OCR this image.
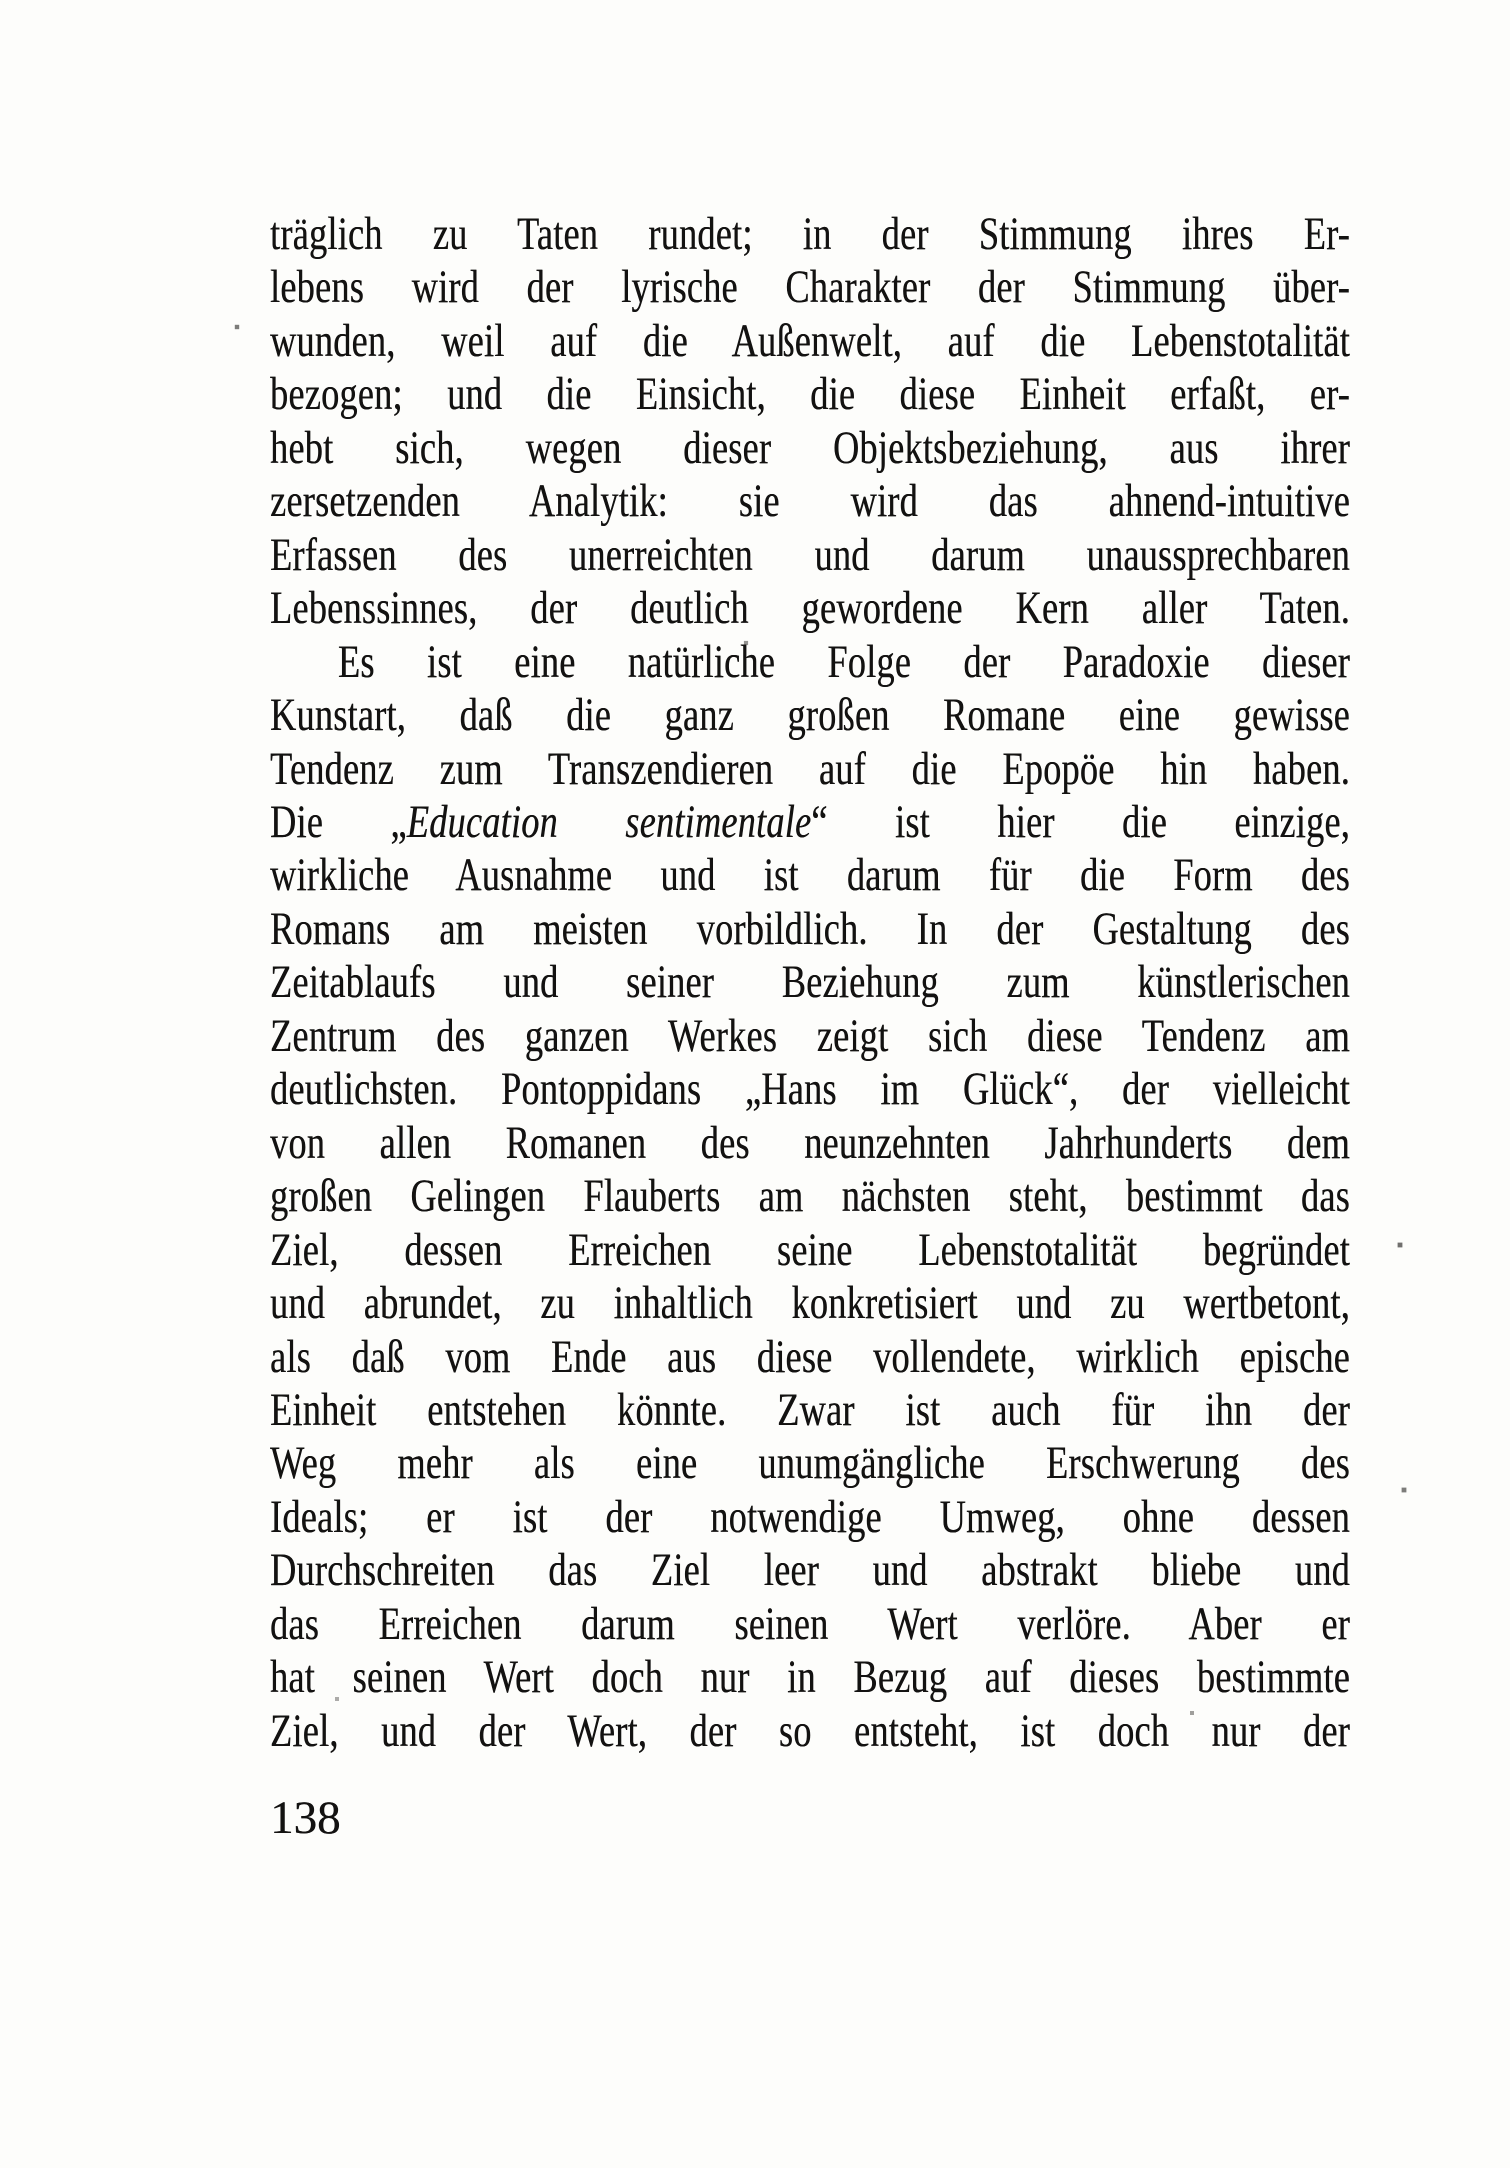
träglich zu Taten rundet; in der Stimmung ihres Er-

lebens wird der lyrische Charakter der Stimmung über-

wunden, weil auf die Außenwelt, auf die Lebenstotalität

bezogen; und die Einsicht, die diese Einheit erfaßt, er-

hebt sich, wegen dieser Objektsbeziehung, aus ihrer

zersetzenden Analytik: sie wird das ahnend-intuitive

Erfassen des unerreichten und darum unaussprechbaren

Lebenssinnes, der deutlich gewordene Kern aller Taten.

Es ist eine natürliche Folge der Paradoxie dieser

Kunstart, daß die ganz großen Romane eine gewisse

Tendenz zum Transzendieren auf die Epopöe hin haben.

Die „Education sentimentale“ ist hier die einzige,

wirkliche Ausnahme und ist darum für die Form des

Romans am meisten vorbildlich. In der Gestaltung des

Zeitablaufs und seiner Beziehung zum künstlerischen

Zentrum des ganzen Werkes zeigt sich diese Tendenz am

deutlichsten. Pontoppidans „Hans im Glück“, der vielleicht

von allen Romanen des neunzehnten Jahrhunderts dem

großen Gelingen Flauberts am nächsten steht, bestimmt das

Ziel, dessen Erreichen seine Lebenstotalität begründet

und abrundet, zu inhaltlich konkretisiert und zu wertbetont,

als daß vom Ende aus diese vollendete, wirklich epische

Einheit entstehen könnte. Zwar ist auch für ihn der

Weg mehr als eine unumgängliche Erschwerung des

Ideals; er ist der notwendige Umweg, ohne dessen

Durchschreiten das Ziel leer und abstrakt bliebe und

das Erreichen darum seinen Wert verlöre. Aber er

hat seinen Wert doch nur in Bezug auf dieses bestimmte

Ziel, und der Wert, der so entsteht, ist doch nur der

138
